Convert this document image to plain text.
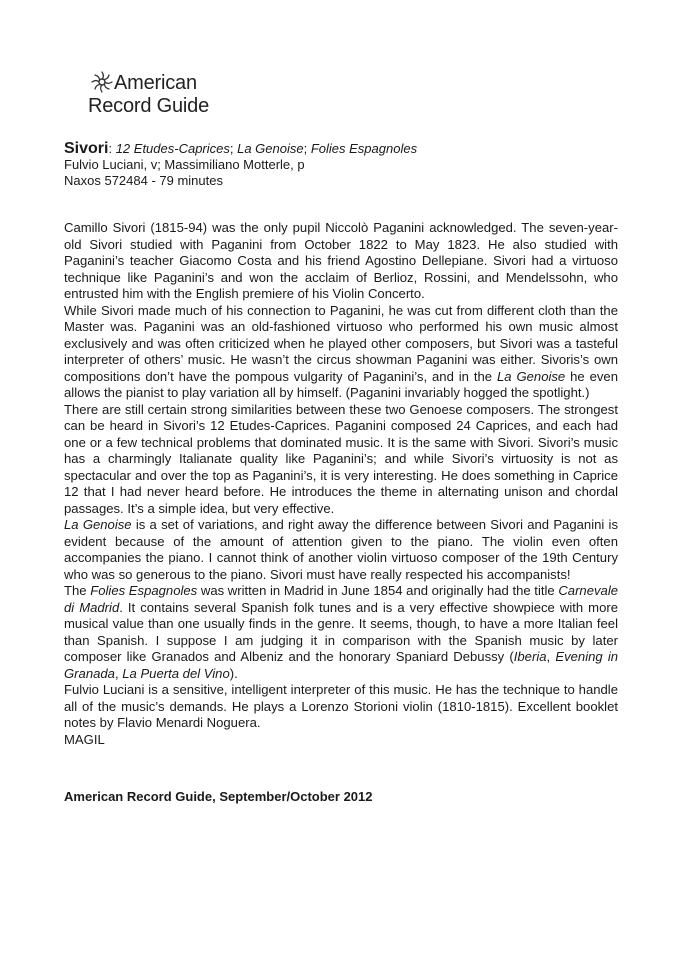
American
Record Guide
Sivori: 12 Etudes-Caprices; La Genoise; Folies Espagnoles
Fulvio Luciani, v; Massimiliano Motterle, p
Naxos 572484 - 79 minutes

Camillo Sivori (1815-94) was the only pupil Niccolò Paganini acknowledged. The seven-year-old Sivori studied with Paganini from October 1822 to May 1823. He also studied with Paganini’s teacher Giacomo Costa and his friend Agostino Dellepiane. Sivori had a virtuoso technique like Paganini’s and won the acclaim of Berlioz, Rossini, and Mendelssohn, who entrusted him with the English premiere of his Violin Concerto.

While Sivori made much of his connection to Paganini, he was cut from different cloth than the Master was. Paganini was an old-fashioned virtuoso who performed his own music almost exclusively and was often criticized when he played other composers, but Sivori was a tasteful interpreter of others’ music. He wasn’t the circus showman Paganini was either. Sivoris’s own compositions don’t have the pompous vulgarity of Paganini’s, and in the La Genoise he even allows the pianist to play variation all by himself. (Paganini invariably hogged the spotlight.)

There are still certain strong similarities between these two Genoese composers. The strongest can be heard in Sivori’s 12 Etudes-Caprices. Paganini composed 24 Caprices, and each had one or a few technical problems that dominated music. It is the same with Sivori. Sivori’s music has a charmingly Italianate quality like Paganini’s; and while Sivori’s virtuosity is not as spectacular and over the top as Paganini’s, it is very interesting. He does something in Caprice 12 that I had never heard before. He introduces the theme in alternating unison and chordal passages. It’s a simple idea, but very effective.

La Genoise is a set of variations, and right away the difference between Sivori and Paganini is evident because of the amount of attention given to the piano. The violin even often accompanies the piano. I cannot think of another violin virtuoso composer of the 19th Century who was so generous to the piano. Sivori must have really respected his accompanists!

The Folies Espagnoles was written in Madrid in June 1854 and originally had the title Carnevale di Madrid. It contains several Spanish folk tunes and is a very effective showpiece with more musical value than one usually finds in the genre. It seems, though, to have a more Italian feel than Spanish. I suppose I am judging it in comparison with the Spanish music by later composer like Granados and Albeniz and the honorary Spaniard Debussy (Iberia, Evening in Granada, La Puerta del Vino).

Fulvio Luciani is a sensitive, intelligent interpreter of this music. He has the technique to handle all of the music’s demands. He plays a Lorenzo Storioni violin (1810-1815). Excellent booklet notes by Flavio Menardi Noguera.

MAGIL

American Record Guide, September/October 2012
